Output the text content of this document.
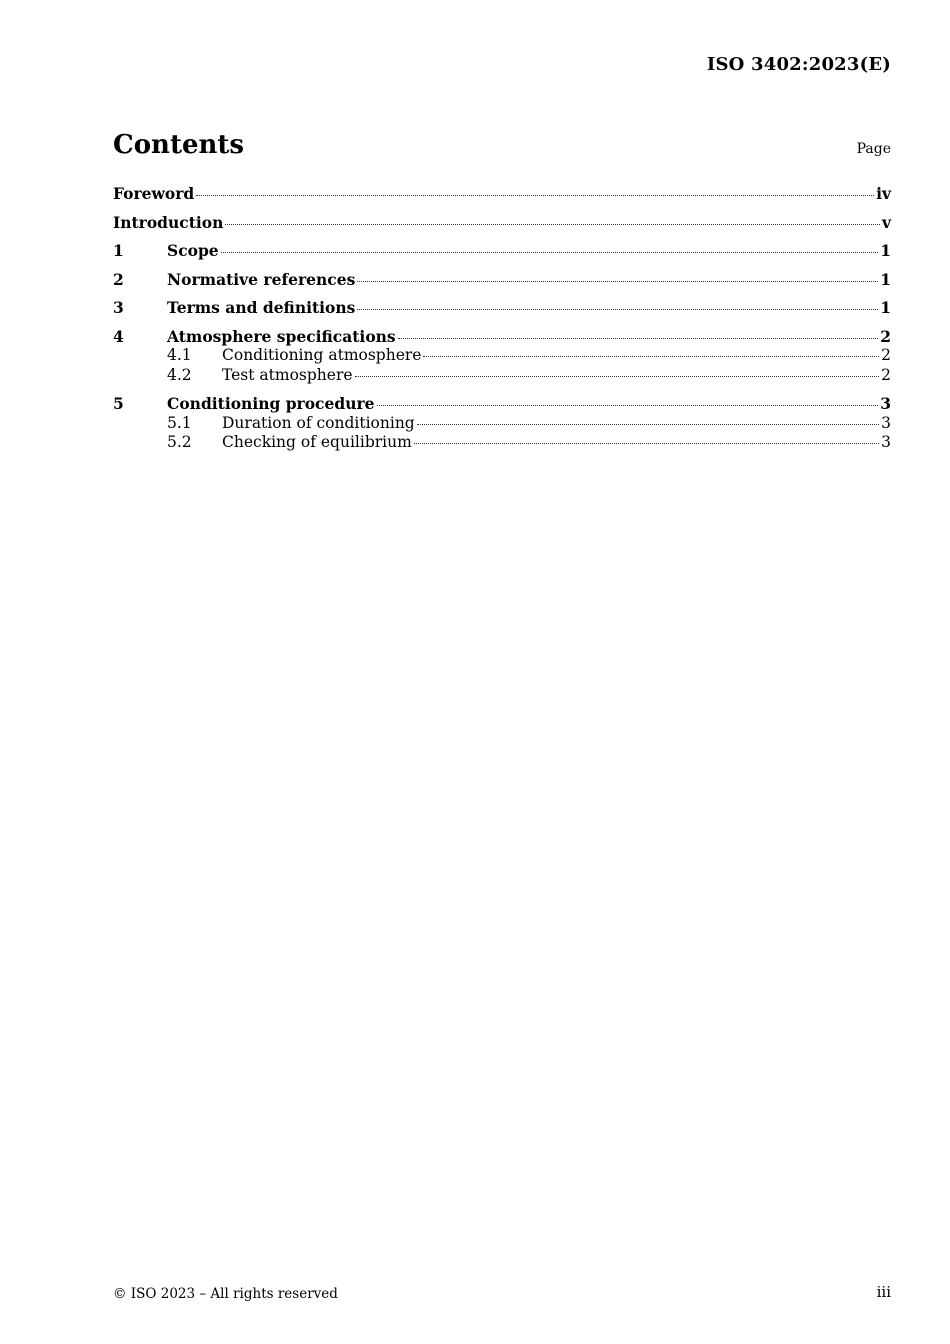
ISO 3402:2023(E)
Contents	Page
Foreword	iv
Introduction	v
1	Scope	1
2	Normative references	1
3	Terms and definitions	1
4	Atmosphere specifications	2
4.1	Conditioning atmosphere	2
4.2	Test atmosphere	2
5	Conditioning procedure	3
5.1	Duration of conditioning	3
5.2	Checking of equilibrium	3
© ISO 2023 – All rights reserved	iii
